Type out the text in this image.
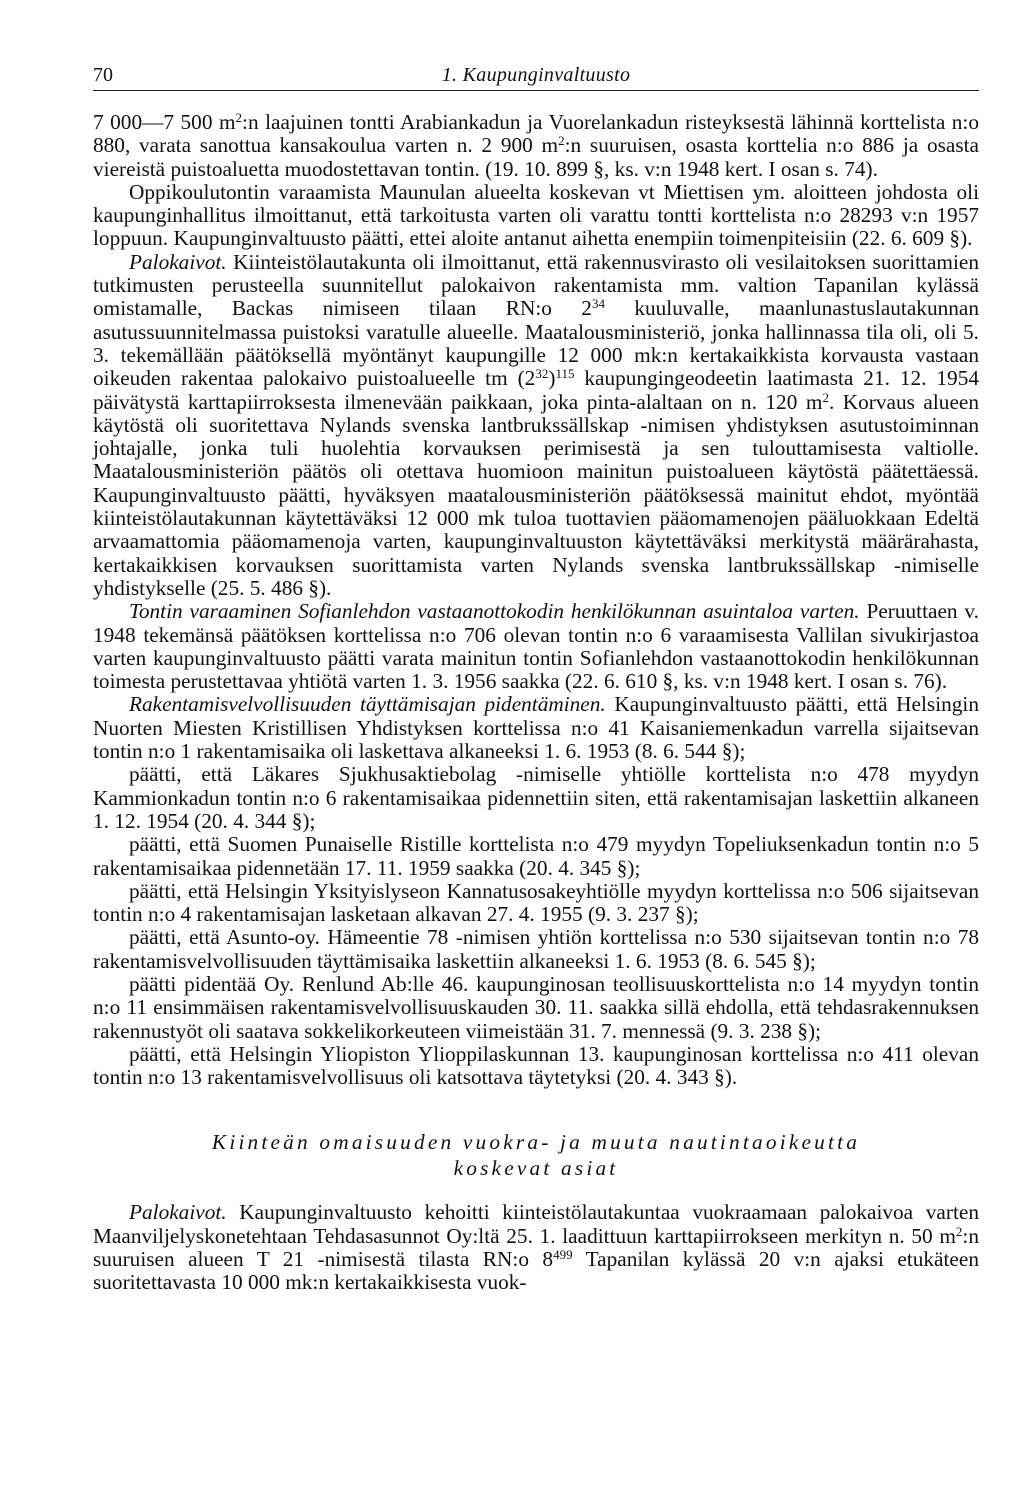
70	1. Kaupunginvaltuusto

7 000—7 500 $m^2:n$ laajuinen tontti Arabiankadun ja Vuorelankadun risteyksestä lähinnä korttelista n:o 880, varata sanottua kansakoulua varten n. 2 900 $m^2:n$ suuruisen, osasta korttelia n:o 886 ja osasta viereistä puistoaluetta muodostettavan tontin. (19. 10. 899 §, ks. v:n 1948 kert. I osan s. 74).

Oppikoulutontin varaamista Maunulan alueelta koskevan vt Miettisen ym. aloitteen johdosta oli kaupunginhallitus ilmoittanut, että tarkoitusta varten oli varattu tontti korttelista n:o 28293 v:n 1957 loppuun. Kaupunginvaltuusto päätti, ettei aloite antanut aihetta enempiin toimenpiteisiin (22. 6. 609 §).

Palokaivot. Kiinteistölautakunta oli ilmoittanut, että rakennusvirasto oli vesilaitoksen suorittamien tutkimusten perusteella suunnitellut palokaivon rakentamista mm. valtion Tapanilan kylässä omistamalle, Backas nimiseen tilaan RN:o $2^{34}$ kuuluvalle, maanlunastuslautakunnan asutussuunnitelmassa puistoksi varatulle alueelle. Maatalousministeriö, jonka hallinnassa tila oli, oli 5. 3. tekemällään päätöksellä myöntänyt kaupungille 12 000 mk:n kertakaikkista korvausta vastaan oikeuden rakentaa palokaivo puistoalueelle tm $(2^{32})^{115}$ kaupungingeodeetin laatimasta 21. 12. 1954 päivätystä karttapiirroksesta ilmenevään paikkaan, joka pinta-alaltaan on n. 120 $m^2$. Korvaus alueen käytöstä oli suoritettava Nylands svenska lantbrukssällskap -nimisen yhdistyksen asutustoiminnan johtajalle, jonka tuli huolehtia korvauksen perimisestä ja sen tulouttamisesta valtiolle. Maatalousministeriön päätös oli otettava huomioon mainitun puistoalueen käytöstä päätettäessä. Kaupunginvaltuusto päätti, hyväksyen maatalousministeriön päätöksessä mainitut ehdot, myöntää kiinteistölautakunnan käytettäväksi 12 000 mk tuloa tuottavien pääomamenojen pääluokkaan Edeltä arvaamattomia pääomamenoja varten, kaupunginvaltuuston käytettäväksi merkitystä määrärahasta, kertakaikkisen korvauksen suorittamista varten Nylands svenska lantbrukssällskap -nimiselle yhdistykselle (25. 5. 486 §).

Tontin varaaminen Sofianlehdon vastaanottokodin henkilökunnan asuintaloa varten. Peruuttaen v. 1948 tekemänsä päätöksen korttelissa n:o 706 olevan tontin n:o 6 varaamisesta Vallilan sivukirjastoa varten kaupunginvaltuusto päätti varata mainitun tontin Sofianlehdon vastaanottokodin henkilökunnan toimesta perustettavaa yhtiötä varten 1. 3. 1956 saakka (22. 6. 610 §, ks. v:n 1948 kert. I osan s. 76).

Rakentamisvelvollisuuden täyttämisajan pidentäminen. Kaupunginvaltuusto päätti, että Helsingin Nuorten Miesten Kristillisen Yhdistyksen korttelissa n:o 41 Kaisaniemenkadun varrella sijaitsevan tontin n:o 1 rakentamisaika oli laskettava alkaneeksi 1. 6. 1953 (8. 6. 544 §);

päätti, että Läkares Sjukhusaktiebolag -nimiselle yhtiölle korttelista n:o 478 myydyn Kammionkadun tontin n:o 6 rakentamisaikaa pidennettiin siten, että rakentamisajan laskettiin alkaneen 1. 12. 1954 (20. 4. 344 §);

päätti, että Suomen Punaiselle Ristille korttelista n:o 479 myydyn Topeliuksenkadun tontin n:o 5 rakentamisaikaa pidennetään 17. 11. 1959 saakka (20. 4. 345 §);

päätti, että Helsingin Yksityislyseon Kannatusosakeyhtiölle myydyn korttelissa n:o 506 sijaitsevan tontin n:o 4 rakentamisajan lasketaan alkavan 27. 4. 1955 (9. 3. 237 §);

päätti, että Asunto-oy. Hämeentie 78 -nimisen yhtiön korttelissa n:o 530 sijaitsevan tontin n:o 78 rakentamisvelvollisuuden täyttämisaika laskettiin alkaneeksi 1. 6. 1953 (8. 6. 545 §);

päätti pidentää Oy. Renlund Ab:lle 46. kaupunginosan teollisuuskorttelista n:o 14 myydyn tontin n:o 11 ensimmäisen rakentamisvelvollisuuskauden 30. 11. saakka sillä ehdolla, että tehdasrakennuksen rakennustyöt oli saatava sokkelikorkeuteen viimeistään 31. 7. mennessä (9. 3. 238 §);

päätti, että Helsingin Yliopiston Ylioppilaskunnan 13. kaupunginosan korttelissa n:o 411 olevan tontin n:o 13 rakentamisvelvollisuus oli katsottava täytetyksi (20. 4. 343 §).

Kiinteän omaisuuden vuokra- ja muuta nautintaoikeutta
koskevat asiat

Palokaivot. Kaupunginvaltuusto kehoitti kiinteistölautakuntaa vuokraamaan palokaivoa varten Maanviljelyskonetehtaan Tehdasasunnot Oy:ltä 25. 1. laadittuun karttapiirrokseen merkityn n. 50 $m^2:n$ suuruisen alueen T 21 -nimisestä tilasta RN:o $8^{499}$ Tapanilan kylässä 20 v:n ajaksi etukäteen suoritettavasta 10 000 mk:n kertakaikkisesta vuok-
